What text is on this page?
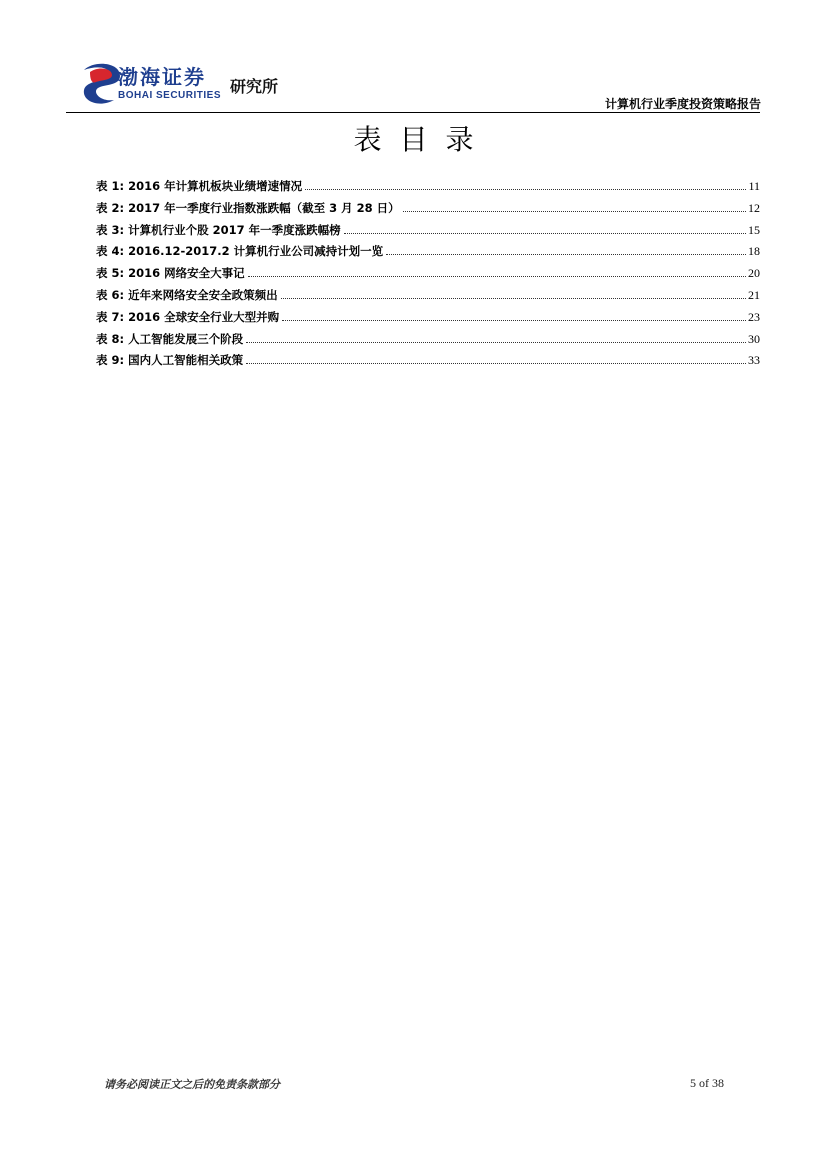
渤海证券
BOHAI SECURITIES 研究所
计算机行业季度投资策略报告
表目录
表 1: 2016 年计算机板块业绩增速情况	11
表 2: 2017 年一季度行业指数涨跌幅（截至 3 月 28 日）	12
表 3: 计算机行业个股 2017 年一季度涨跌幅榜	15
表 4: 2016.12-2017.2 计算机行业公司减持计划一览	18
表 5: 2016 网络安全大事记	20
表 6: 近年来网络安全安全政策频出	21
表 7: 2016 全球安全行业大型并购	23
表 8: 人工智能发展三个阶段	30
表 9: 国内人工智能相关政策	33
请务必阅读正文之后的免责条款部分	5 of 38
